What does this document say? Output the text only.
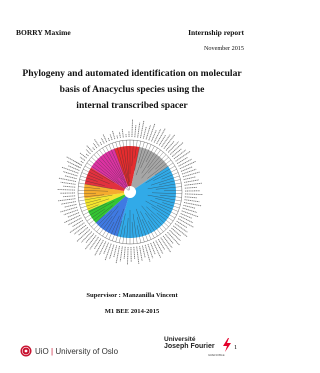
BORRY Maxime	Internship report
November 2015
Phylogeny and automated identification on molecular
basis of Anacyclus species using the
internal transcribed spacer
Supervisor : Manzanilla Vincent
M1 BEE 2014-2015
UiO | University of Oslo
Université
Joseph Fourier
GRENOBLE
1
